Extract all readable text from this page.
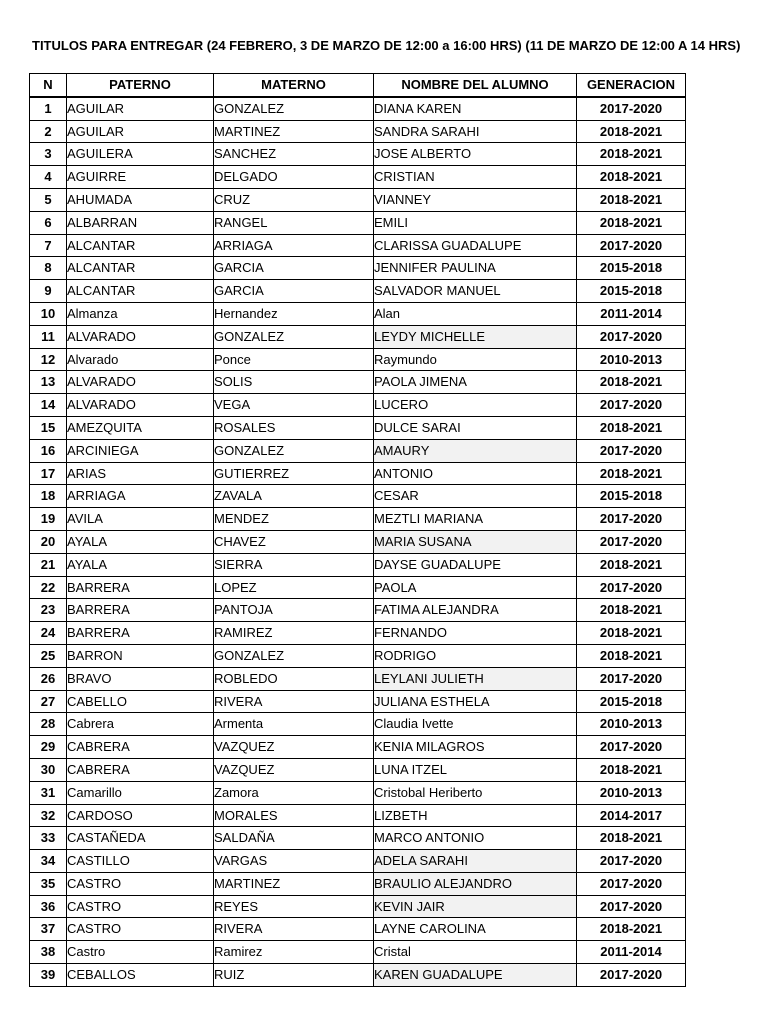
TITULOS PARA ENTREGAR (24 FEBRERO, 3 DE MARZO DE 12:00 a 16:00 HRS) (11 DE MARZO DE 12:00 A 14 HRS)
N	PATERNO	MATERNO	NOMBRE DEL ALUMNO	GENERACION
1	AGUILAR	GONZALEZ	DIANA KAREN	2017-2020
2	AGUILAR	MARTINEZ	SANDRA SARAHI	2018-2021
3	AGUILERA	SANCHEZ	JOSE ALBERTO	2018-2021
4	AGUIRRE	DELGADO	CRISTIAN	2018-2021
5	AHUMADA	CRUZ	VIANNEY	2018-2021
6	ALBARRAN	RANGEL	EMILI	2018-2021
7	ALCANTAR	ARRIAGA	CLARISSA GUADALUPE	2017-2020
8	ALCANTAR	GARCIA	JENNIFER PAULINA	2015-2018
9	ALCANTAR	GARCIA	SALVADOR MANUEL	2015-2018
10	Almanza	Hernandez	Alan	2011-2014
11	ALVARADO	GONZALEZ	LEYDY MICHELLE	2017-2020
12	Alvarado	Ponce	Raymundo	2010-2013
13	ALVARADO	SOLIS	PAOLA JIMENA	2018-2021
14	ALVARADO	VEGA	LUCERO	2017-2020
15	AMEZQUITA	ROSALES	DULCE SARAI	2018-2021
16	ARCINIEGA	GONZALEZ	AMAURY	2017-2020
17	ARIAS	GUTIERREZ	ANTONIO	2018-2021
18	ARRIAGA	ZAVALA	CESAR	2015-2018
19	AVILA	MENDEZ	MEZTLI MARIANA	2017-2020
20	AYALA	CHAVEZ	MARIA SUSANA	2017-2020
21	AYALA	SIERRA	DAYSE GUADALUPE	2018-2021
22	BARRERA	LOPEZ	PAOLA	2017-2020
23	BARRERA	PANTOJA	FATIMA ALEJANDRA	2018-2021
24	BARRERA	RAMIREZ	FERNANDO	2018-2021
25	BARRON	GONZALEZ	RODRIGO	2018-2021
26	BRAVO	ROBLEDO	LEYLANI JULIETH	2017-2020
27	CABELLO	RIVERA	JULIANA ESTHELA	2015-2018
28	Cabrera	Armenta	Claudia Ivette	2010-2013
29	CABRERA	VAZQUEZ	KENIA MILAGROS	2017-2020
30	CABRERA	VAZQUEZ	LUNA ITZEL	2018-2021
31	Camarillo	Zamora	Cristobal Heriberto	2010-2013
32	CARDOSO	MORALES	LIZBETH	2014-2017
33	CASTAÑEDA	SALDAÑA	MARCO ANTONIO	2018-2021
34	CASTILLO	VARGAS	ADELA SARAHI	2017-2020
35	CASTRO	MARTINEZ	BRAULIO ALEJANDRO	2017-2020
36	CASTRO	REYES	KEVIN JAIR	2017-2020
37	CASTRO	RIVERA	LAYNE CAROLINA	2018-2021
38	Castro	Ramirez	Cristal	2011-2014
39	CEBALLOS	RUIZ	KAREN GUADALUPE	2017-2020
